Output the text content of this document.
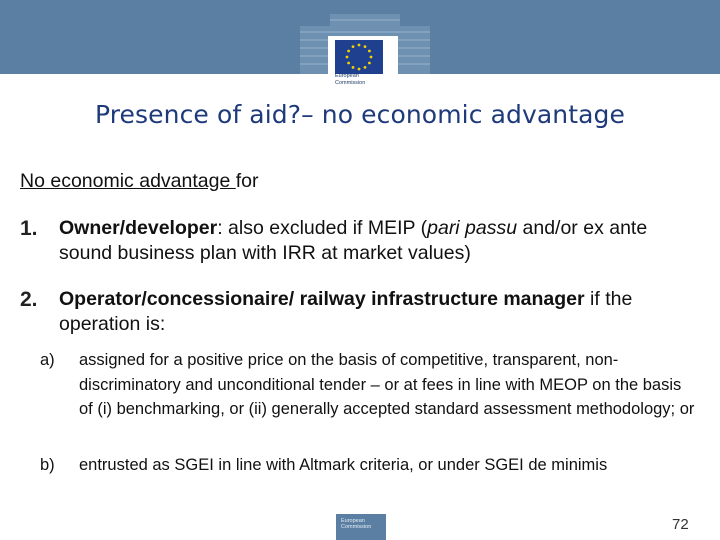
European
Commission
Presence of aid?– no economic advantage
No economic advantage for
1. Owner/developer: also excluded if MEIP (pari passu and/or ex ante sound business plan with IRR at market values)
2. Operator/concessionaire/ railway infrastructure manager if the operation is:
a) assigned for a positive price on the basis of competitive, transparent, non-discriminatory and unconditional tender – or at fees in line with MEOP on the basis of (i) benchmarking, or (ii) generally accepted standard assessment methodology; or
b) entrusted as SGEI in line with Altmark criteria, or under SGEI de minimis
European Commission	72
